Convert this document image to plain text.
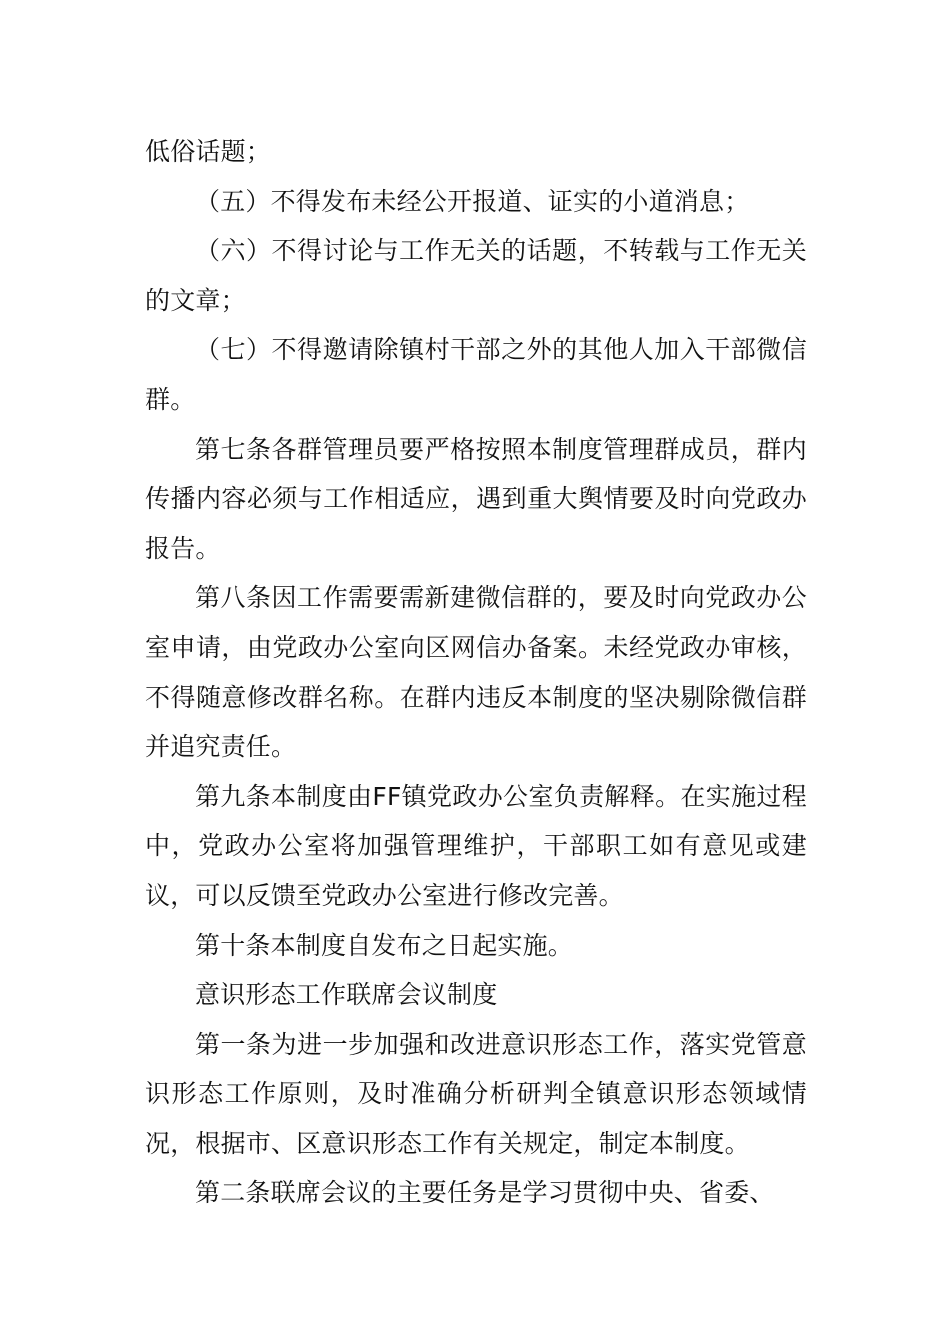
低俗话题；

（五）不得发布未经公开报道、证实的小道消息；

（六）不得讨论与工作无关的话题，不转载与工作无关的文章；

（七）不得邀请除镇村干部之外的其他人加入干部微信群。

第七条各群管理员要严格按照本制度管理群成员，群内传播内容必须与工作相适应，遇到重大舆情要及时向党政办报告。

第八条因工作需要需新建微信群的，要及时向党政办公室申请，由党政办公室向区网信办备案。未经党政办审核，不得随意修改群名称。在群内违反本制度的坚决剔除微信群并追究责任。

第九条本制度由FF镇党政办公室负责解释。在实施过程中，党政办公室将加强管理维护，干部职工如有意见或建议，可以反馈至党政办公室进行修改完善。

第十条本制度自发布之日起实施。

意识形态工作联席会议制度

第一条为进一步加强和改进意识形态工作，落实党管意识形态工作原则，及时准确分析研判全镇意识形态领域情况，根据市、区意识形态工作有关规定，制定本制度。

第二条联席会议的主要任务是学习贯彻中央、省委、
